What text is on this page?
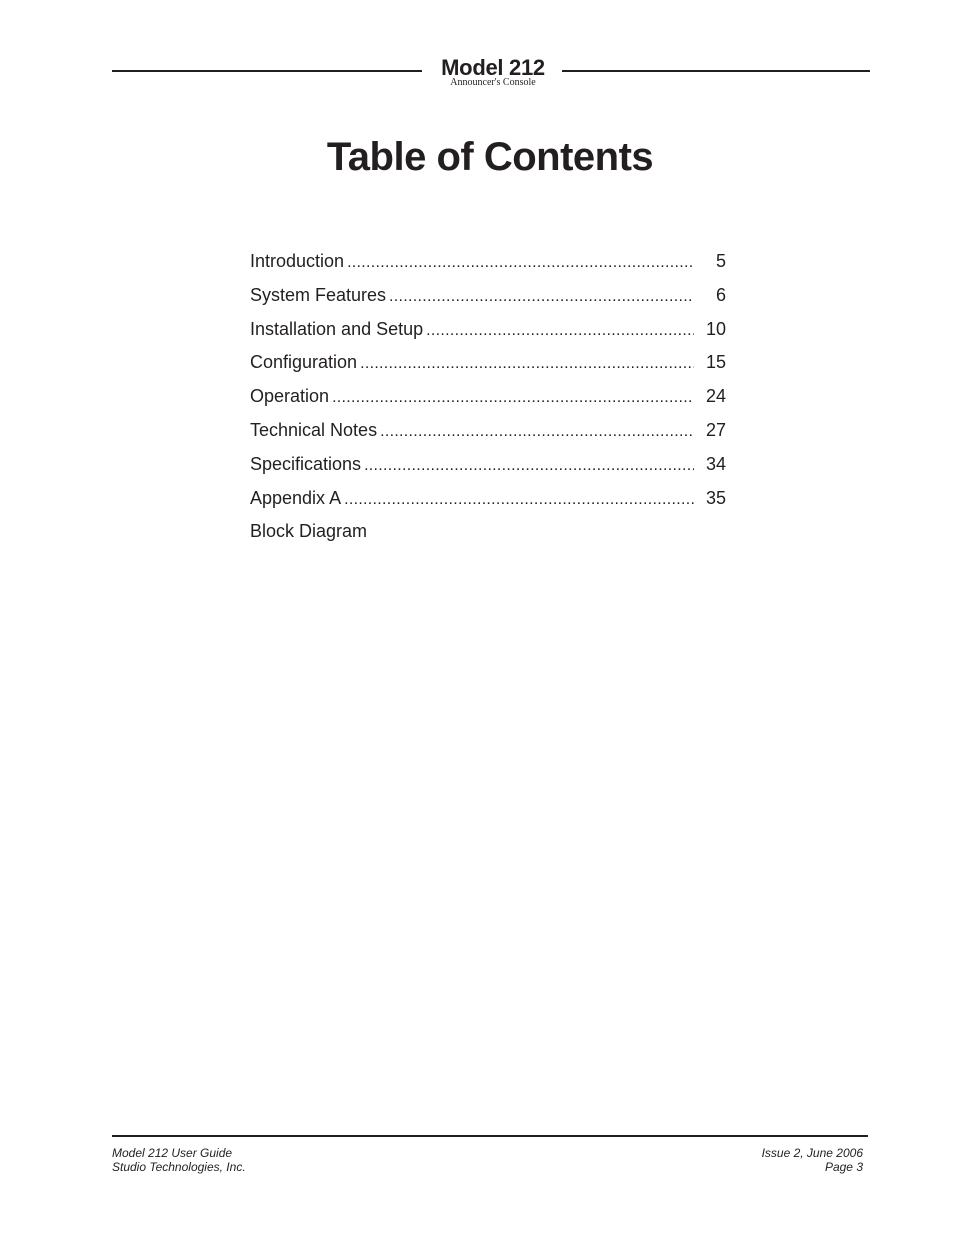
Model 212
Announcer's Console
Table of Contents
Introduction .....	5
System Features .....	6
Installation and Setup .....	10
Configuration .....	15
Operation .....	24
Technical Notes .....	27
Specifications .....	34
Appendix A .....	35
Block Diagram
Model 212 User Guide
Studio Technologies, Inc.
Issue 2, June 2006
Page 3
